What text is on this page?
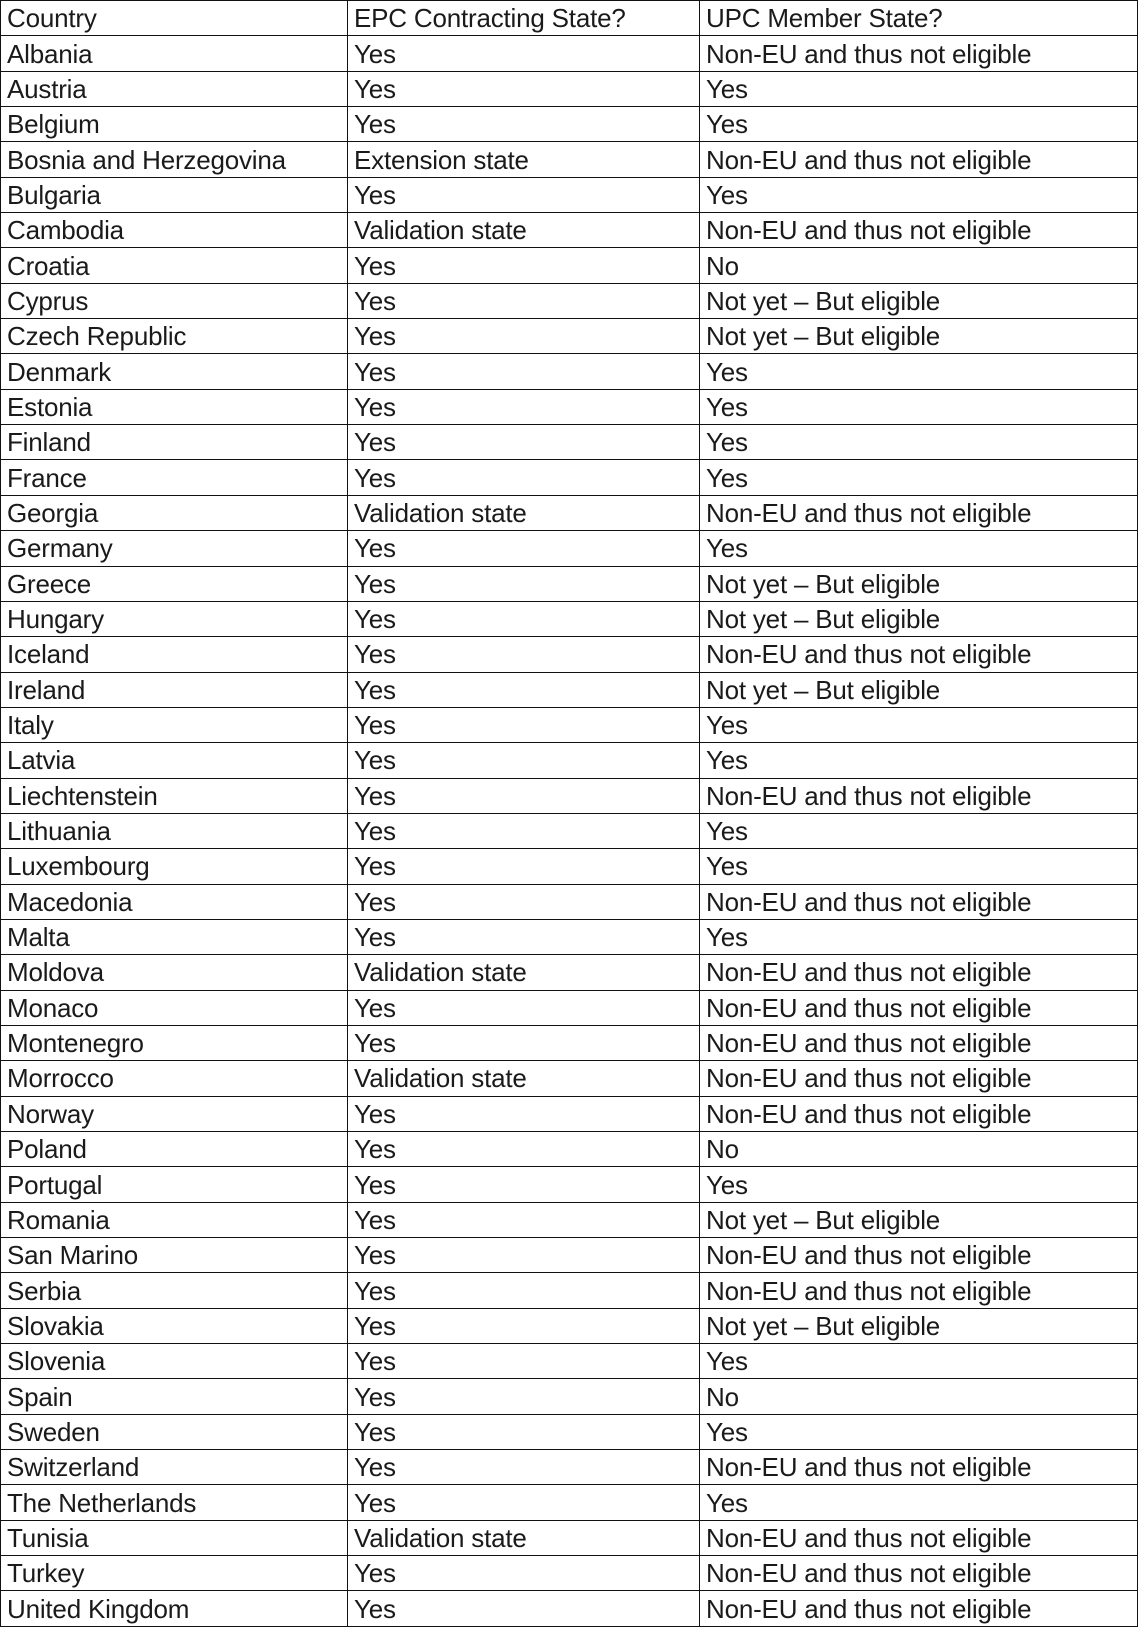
Country	EPC Contracting State?	UPC Member State?
Albania	Yes	Non-EU and thus not eligible
Austria	Yes	Yes
Belgium	Yes	Yes
Bosnia and Herzegovina	Extension state	Non-EU and thus not eligible
Bulgaria	Yes	Yes
Cambodia	Validation state	Non-EU and thus not eligible
Croatia	Yes	No
Cyprus	Yes	Not yet – But eligible
Czech Republic	Yes	Not yet – But eligible
Denmark	Yes	Yes
Estonia	Yes	Yes
Finland	Yes	Yes
France	Yes	Yes
Georgia	Validation state	Non-EU and thus not eligible
Germany	Yes	Yes
Greece	Yes	Not yet – But eligible
Hungary	Yes	Not yet – But eligible
Iceland	Yes	Non-EU and thus not eligible
Ireland	Yes	Not yet – But eligible
Italy	Yes	Yes
Latvia	Yes	Yes
Liechtenstein	Yes	Non-EU and thus not eligible
Lithuania	Yes	Yes
Luxembourg	Yes	Yes
Macedonia	Yes	Non-EU and thus not eligible
Malta	Yes	Yes
Moldova	Validation state	Non-EU and thus not eligible
Monaco	Yes	Non-EU and thus not eligible
Montenegro	Yes	Non-EU and thus not eligible
Morrocco	Validation state	Non-EU and thus not eligible
Norway	Yes	Non-EU and thus not eligible
Poland	Yes	No
Portugal	Yes	Yes
Romania	Yes	Not yet – But eligible
San Marino	Yes	Non-EU and thus not eligible
Serbia	Yes	Non-EU and thus not eligible
Slovakia	Yes	Not yet – But eligible
Slovenia	Yes	Yes
Spain	Yes	No
Sweden	Yes	Yes
Switzerland	Yes	Non-EU and thus not eligible
The Netherlands	Yes	Yes
Tunisia	Validation state	Non-EU and thus not eligible
Turkey	Yes	Non-EU and thus not eligible
United Kingdom	Yes	Non-EU and thus not eligible
